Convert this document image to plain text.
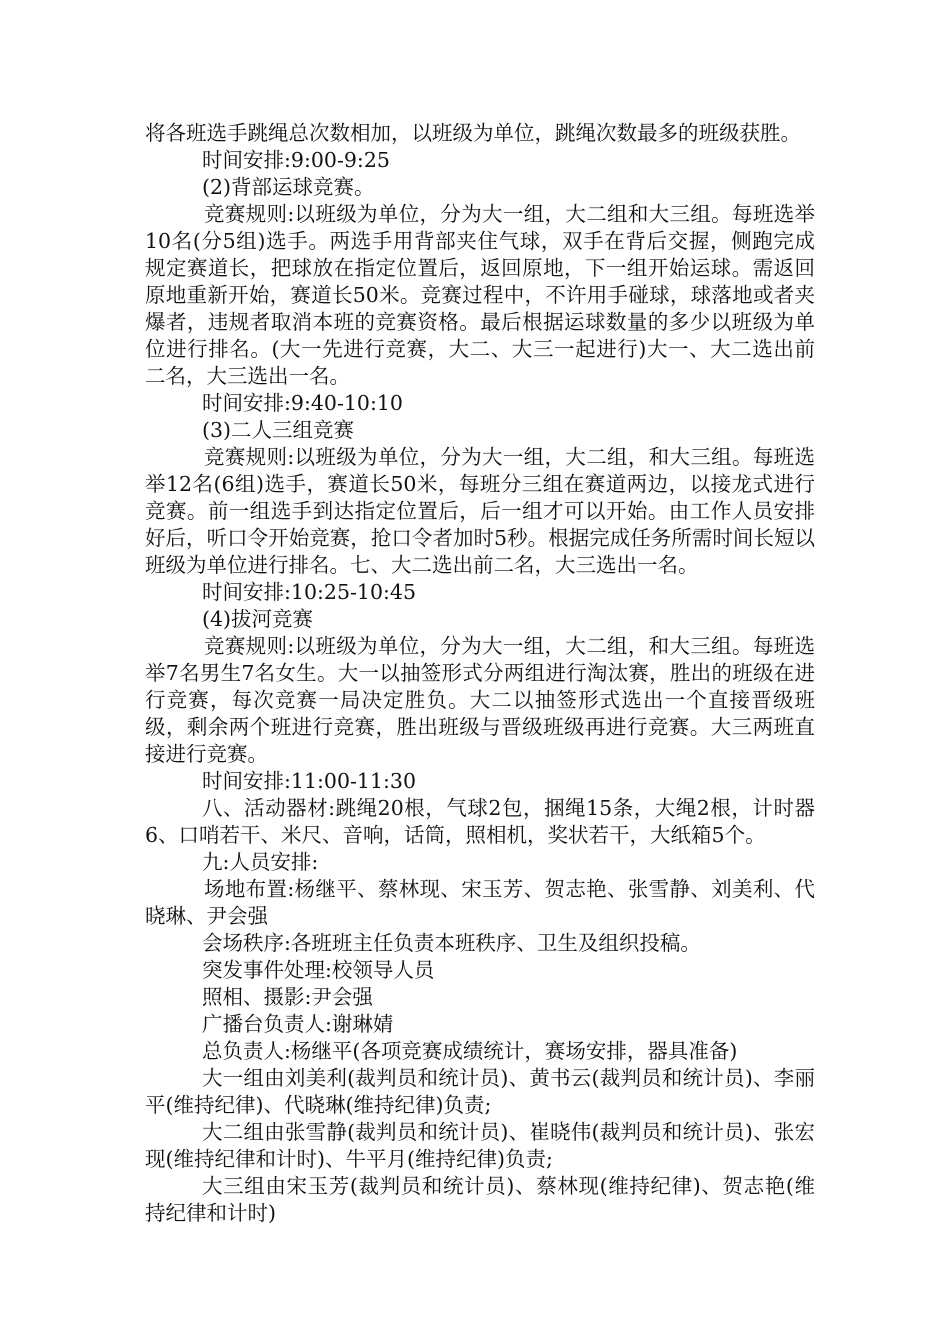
将各班选手跳绳总次数相加，以班级为单位，跳绳次数最多的班级获胜。

时间安排:9:00-9:25

(2)背部运球竞赛。

竞赛规则:以班级为单位，分为大一组，大二组和大三组。每班选举10名(分5组)选手。两选手用背部夹住气球，双手在背后交握，侧跑完成规定赛道长，把球放在指定位置后，返回原地，下一组开始运球。需返回原地重新开始，赛道长50米。竞赛过程中，不许用手碰球，球落地或者夹爆者，违规者取消本班的竞赛资格。最后根据运球数量的多少以班级为单位进行排名。(大一先进行竞赛，大二、大三一起进行)大一、大二选出前二名，大三选出一名。

时间安排:9:40-10:10

(3)二人三组竞赛

竞赛规则:以班级为单位，分为大一组，大二组，和大三组。每班选举12名(6组)选手，赛道长50米，每班分三组在赛道两边，以接龙式进行竞赛。前一组选手到达指定位置后，后一组才可以开始。由工作人员安排好后，听口令开始竞赛，抢口令者加时5秒。根据完成任务所需时间长短以班级为单位进行排名。七、大二选出前二名，大三选出一名。

时间安排:10:25-10:45

(4)拔河竞赛

竞赛规则:以班级为单位，分为大一组，大二组，和大三组。每班选举7名男生7名女生。大一以抽签形式分两组进行淘汰赛，胜出的班级在进行竞赛，每次竞赛一局决定胜负。大二以抽签形式选出一个直接晋级班级，剩余两个班进行竞赛，胜出班级与晋级班级再进行竞赛。大三两班直接进行竞赛。

时间安排:11:00-11:30

八、活动器材:跳绳20根，气球2包，捆绳15条，大绳2根，计时器6、口哨若干、米尺、音响，话筒，照相机，奖状若干，大纸箱5个。

九:人员安排:

场地布置:杨继平、蔡林现、宋玉芳、贺志艳、张雪静、刘美利、代晓琳、尹会强

会场秩序:各班班主任负责本班秩序、卫生及组织投稿。

突发事件处理:校领导人员

照相、摄影:尹会强

广播台负责人:谢琳婧

总负责人:杨继平(各项竞赛成绩统计，赛场安排，器具准备)

大一组由刘美利(裁判员和统计员)、黄书云(裁判员和统计员)、李丽平(维持纪律)、代晓琳(维持纪律)负责;

大二组由张雪静(裁判员和统计员)、崔晓伟(裁判员和统计员)、张宏现(维持纪律和计时)、牛平月(维持纪律)负责;

大三组由宋玉芳(裁判员和统计员)、蔡林现(维持纪律)、贺志艳(维持纪律和计时)
